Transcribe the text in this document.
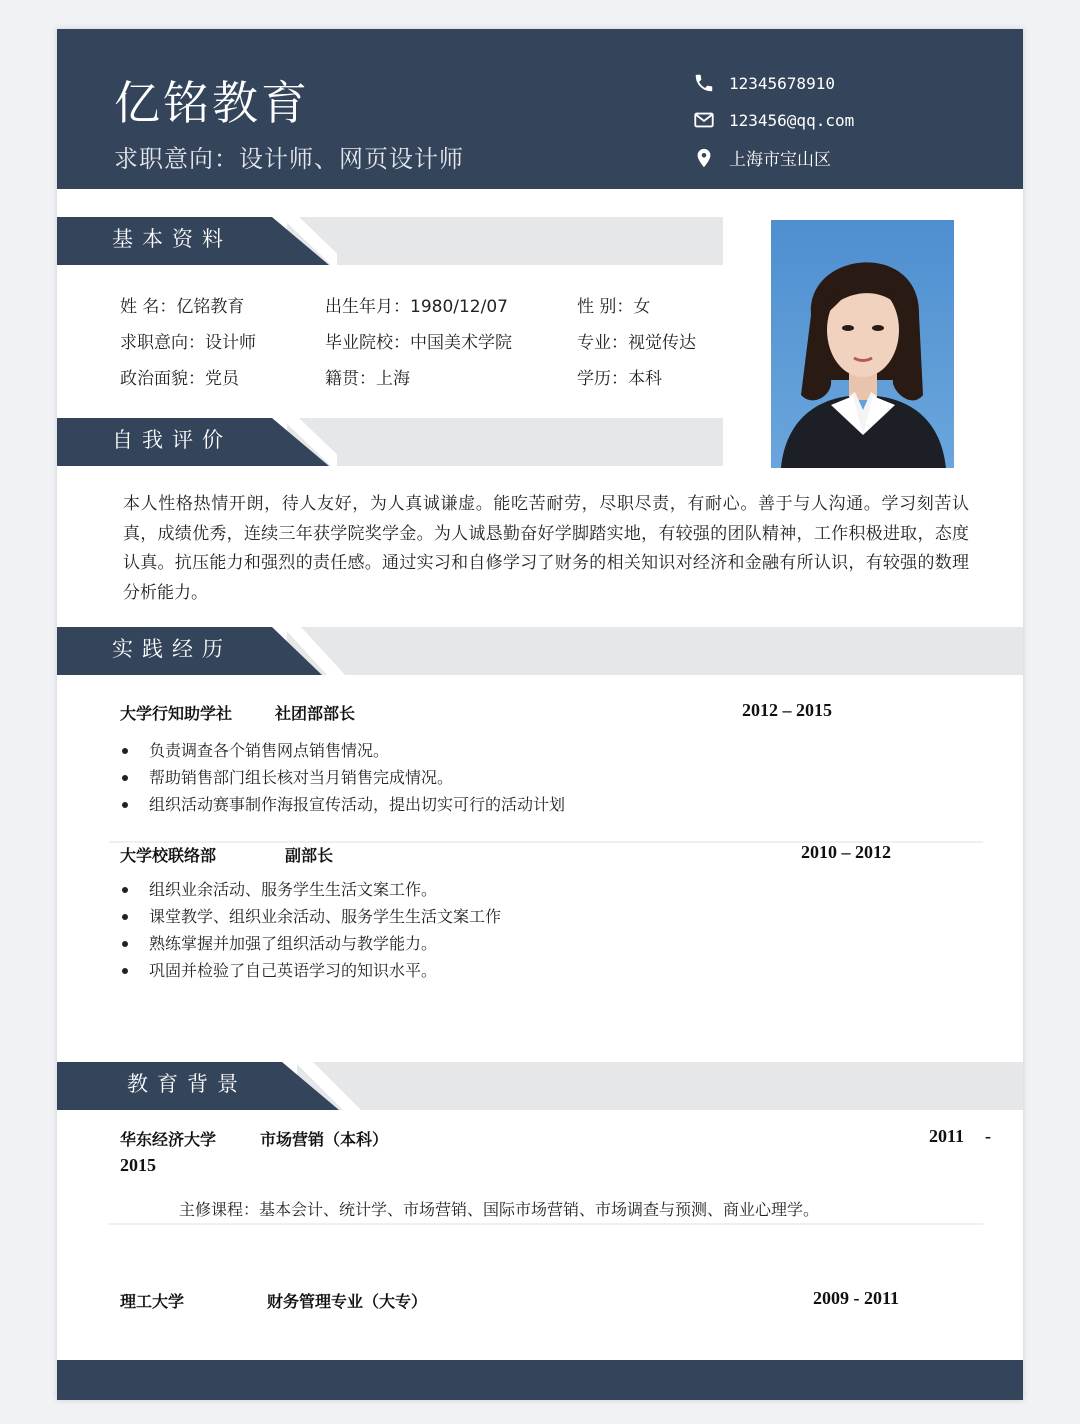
亿铭教育
求职意向：设计师、网页设计师
12345678910
123456@qq.com
上海市宝山区
基本资料
姓 名：亿铭教育	出生年月：1980/12/07	性 别：女
求职意向：设计师	毕业院校：中国美术学院	专业：视觉传达
政治面貌：党员	籍贯：上海	学历：本科
自我评价
本人性格热情开朗，待人友好，为人真诚谦虚。能吃苦耐劳，尽职尽责，有耐心。善于与人沟通。学习刻苦认真，成绩优秀，连续三年获学院奖学金。为人诚恳勤奋好学脚踏实地，有较强的团队精神，工作积极进取，态度认真。抗压能力和强烈的责任感。通过实习和自修学习了财务的相关知识对经济和金融有所认识，有较强的数理分析能力。
实践经历
大学行知助学社	社团部部长	2012 – 2015
负责调查各个销售网点销售情况。
帮助销售部门组长核对当月销售完成情况。
组织活动赛事制作海报宣传活动，提出切实可行的活动计划
大学校联络部	副部长	2010 – 2012
组织业余活动、服务学生生活文案工作。
课堂教学、组织业余活动、服务学生生活文案工作
熟练掌握并加强了组织活动与教学能力。
巩固并检验了自己英语学习的知识水平。
教育背景
华东经济大学	市场营销（本科）	2011 -
2015
主修课程：基本会计、统计学、市场营销、国际市场营销、市场调查与预测、商业心理学。
理工大学	财务管理专业（大专）	2009 - 2011
